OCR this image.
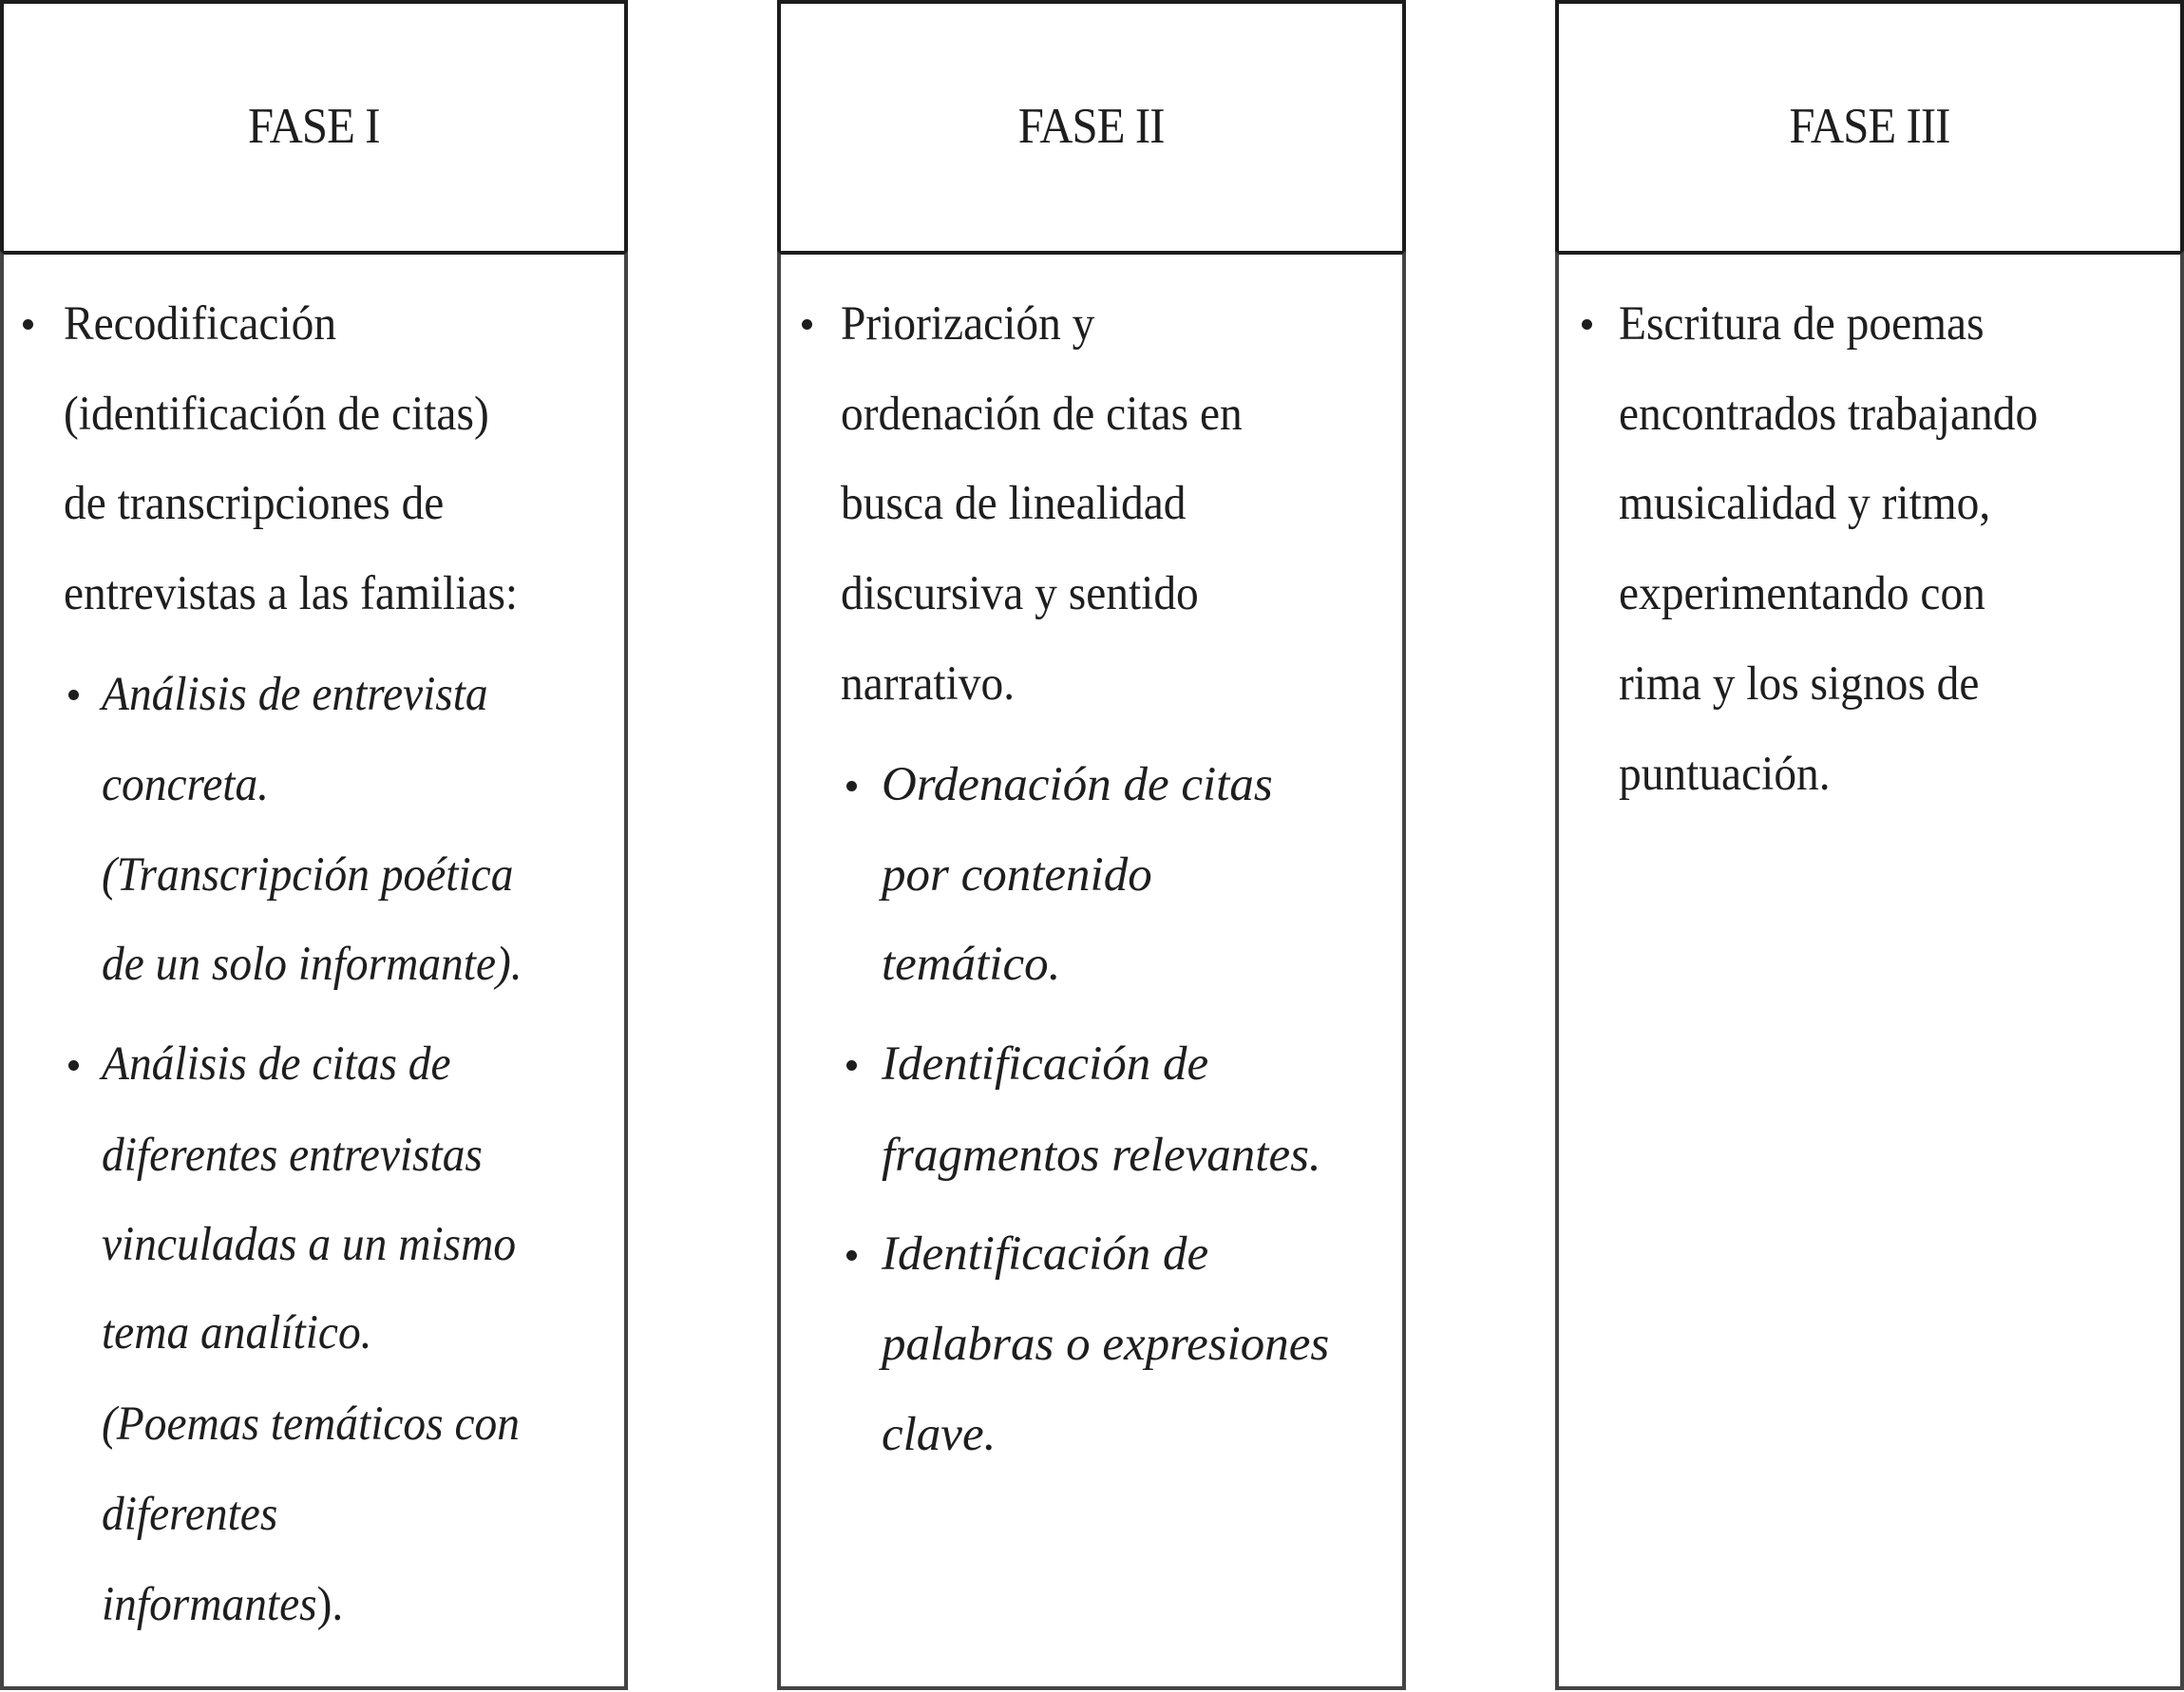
FASE I
Recodificación
(identificación de citas)
de transcripciones de
entrevistas a las familias:
Análisis de entrevista
concreta.
(Transcripción poética
de un solo informante).
Análisis de citas de
diferentes entrevistas
vinculadas a un mismo
tema analítico.
(Poemas temáticos con
diferentes
informantes).
FASE II
Priorización y
ordenación de citas en
busca de linealidad
discursiva y sentido
narrativo.
Ordenación de citas
por contenido
temático.
Identificación de
fragmentos relevantes.
Identificación de
palabras o expresiones
clave.
FASE III
Escritura de poemas
encontrados trabajando
musicalidad y ritmo,
experimentando con
rima y los signos de
puntuación.
